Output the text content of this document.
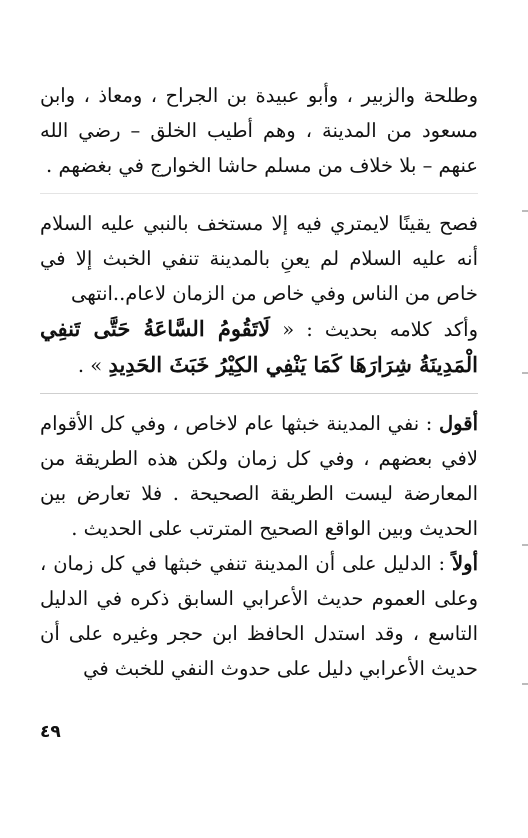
وطلحة والزبير ، وأبو عبيدة بن الجراح ، ومعاذ ، وابن مسعود من المدينة ، وهم أطيب الخلق – رضي الله عنهم – بلا خلاف من مسلم حاشا الخوارج في بغضهم .

فصح يقينًا لايمتري فيه إلا مستخف بالنبي عليه السلام أنه عليه السلام لم يعنِ بالمدينة تنفي الخبث إلا في خاص من الناس وفي خاص من الزمان لاعام..انتهى

وأكد كلامه بحديث : « لَاتَقُومُ السَّاعَةُ حَتَّى تَنفِي الْمَدِينَةُ شِرَارَهَا كَمَا يَنْفِي الكِيْرُ خَبَثَ الحَدِيدِ » .

أقول : نفي المدينة خبثها عام لاخاص ، وفي كل الأقوام لافي بعضهم ، وفي كل زمان ولكن هذه الطريقة من المعارضة ليست الطريقة الصحيحة . فلا تعارض بين الحديث وبين الواقع الصحيح المترتب على الحديث .

أولاً : الدليل على أن المدينة تنفي خبثها في كل زمان ، وعلى العموم حديث الأعرابي السابق ذكره في الدليل التاسع ، وقد استدل الحافظ ابن حجر وغيره على أن حديث الأعرابي دليل على حدوث النفي للخبث في

٤٩
